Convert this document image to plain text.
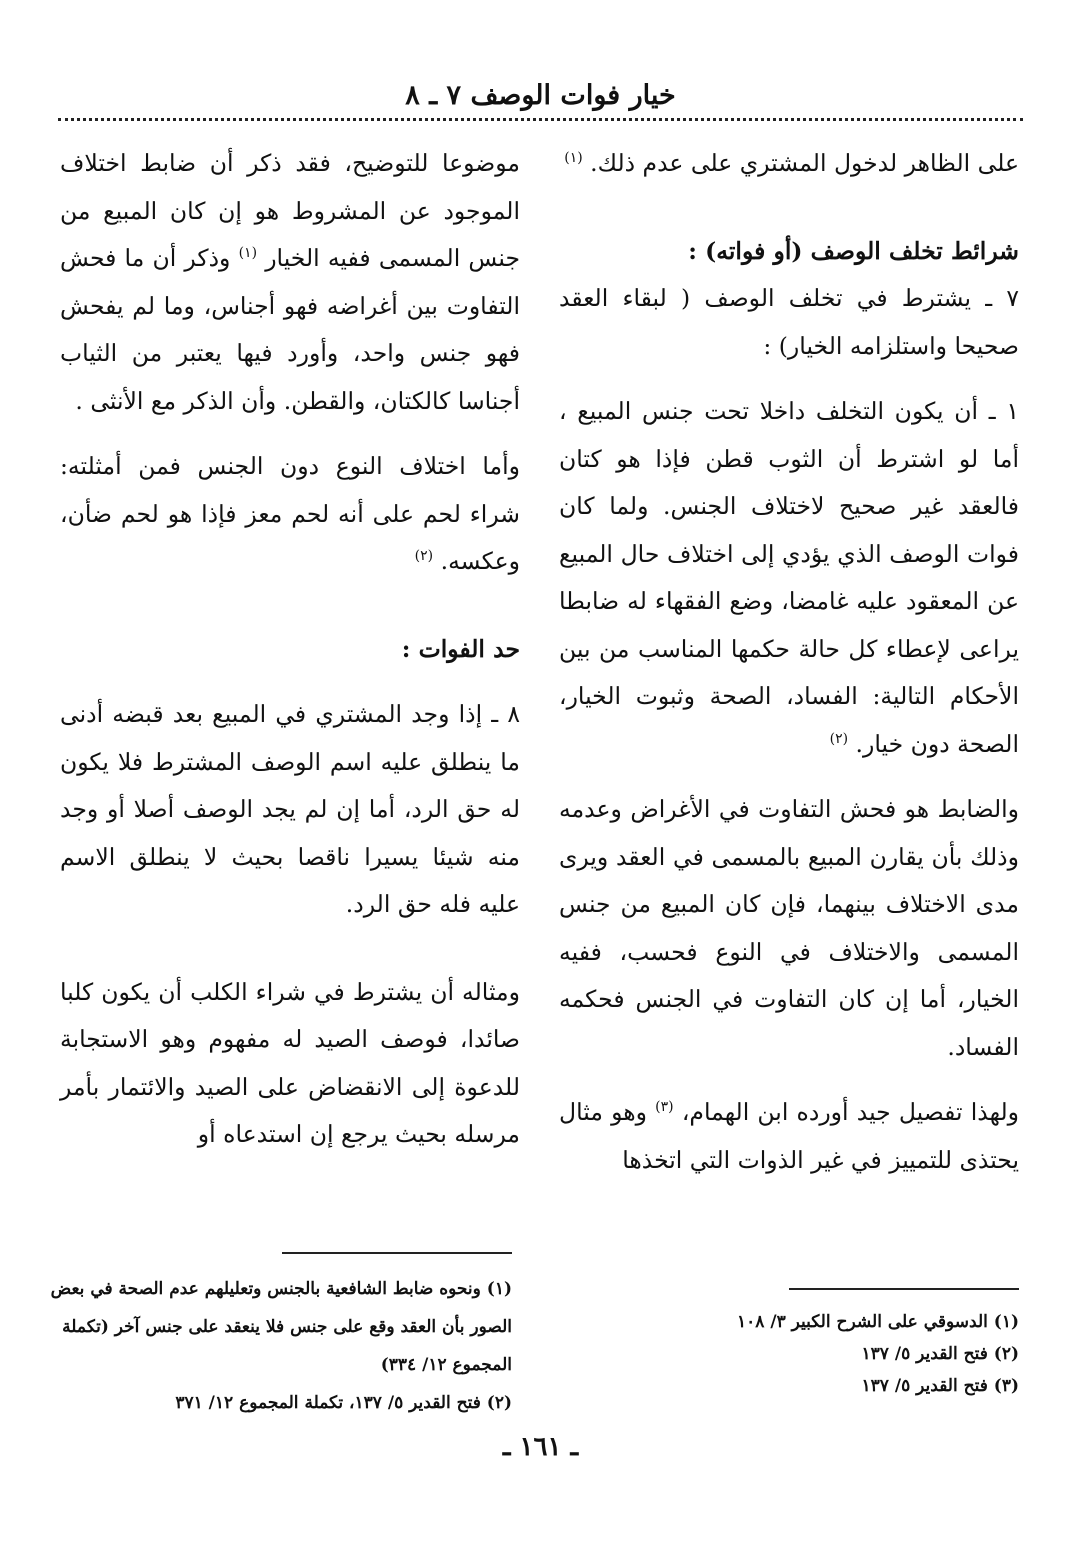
خيار فوات الوصف ٧ ـ ٨

على الظاهر لدخول المشتري على عدم ذلك. $^{(١)}$

شرائط تخلف الوصف (أو فواته) :

٧ ـ يشترط في تخلف الوصف ( لبقاء العقد صحيحا واستلزامه الخيار) :

١ ـ أن يكون التخلف داخلا تحت جنس المبيع ، أما لو اشترط أن الثوب قطن فإذا هو كتان فالعقد غير صحيح لاختلاف الجنس. ولما كان فوات الوصف الذي يؤدي إلى اختلاف حال المبيع عن المعقود عليه غامضا، وضع الفقهاء له ضابطا يراعى لإعطاء كل حالة حكمها المناسب من بين الأحكام التالية: الفساد، الصحة وثبوت الخيار، الصحة دون خيار. $^{(٢)}$

والضابط هو فحش التفاوت في الأغراض وعدمه وذلك بأن يقارن المبيع بالمسمى في العقد ويرى مدى الاختلاف بينهما، فإن كان المبيع من جنس المسمى والاختلاف في النوع فحسب، ففيه الخيار، أما إن كان التفاوت في الجنس فحكمه الفساد.

ولهذا تفصيل جيد أورده ابن الهمام، $^{(٣)}$ وهو مثال يحتذى للتمييز في غير الذوات التي اتخذها

موضوعا للتوضيح، فقد ذكر أن ضابط اختلاف الموجود عن المشروط هو إن كان المبيع من جنس المسمى ففيه الخيار $^{(١)}$ وذكر أن ما فحش التفاوت بين أغراضه فهو أجناس، وما لم يفحش فهو جنس واحد، وأورد فيها يعتبر من الثياب أجناسا كالكتان، والقطن. وأن الذكر مع الأنثى .

وأما اختلاف النوع دون الجنس فمن أمثلته: شراء لحم على أنه لحم معز فإذا هو لحم ضأن، وعكسه. $^{(٢)}$

حد الفوات :

٨ ـ إذا وجد المشتري في المبيع بعد قبضه أدنى ما ينطلق عليه اسم الوصف المشترط فلا يكون له حق الرد، أما إن لم يجد الوصف أصلا أو وجد منه شيئا يسيرا ناقصا بحيث لا ينطلق الاسم عليه فله حق الرد.

ومثاله أن يشترط في شراء الكلب أن يكون كلبا صائدا، فوصف الصيد له مفهوم وهو الاستجابة للدعوة إلى الانقضاض على الصيد والائتمار بأمر مرسله بحيث يرجع إن استدعاه أو

(١) الدسوقي على الشرح الكبير ٣/ ١٠٨

(٢) فتح القدير ٥/ ١٣٧

(٣) فتح القدير ٥/ ١٣٧

(١) ونحوه ضابط الشافعية بالجنس وتعليلهم عدم الصحة في بعض الصور بأن العقد وقع على جنس فلا ينعقد على جنس آخر (تكملة المجموع ١٢/ ٣٣٤)

(٢) فتح القدير ٥/ ١٣٧، تكملة المجموع ١٢/ ٣٧١

ـ ١٦١ ـ
